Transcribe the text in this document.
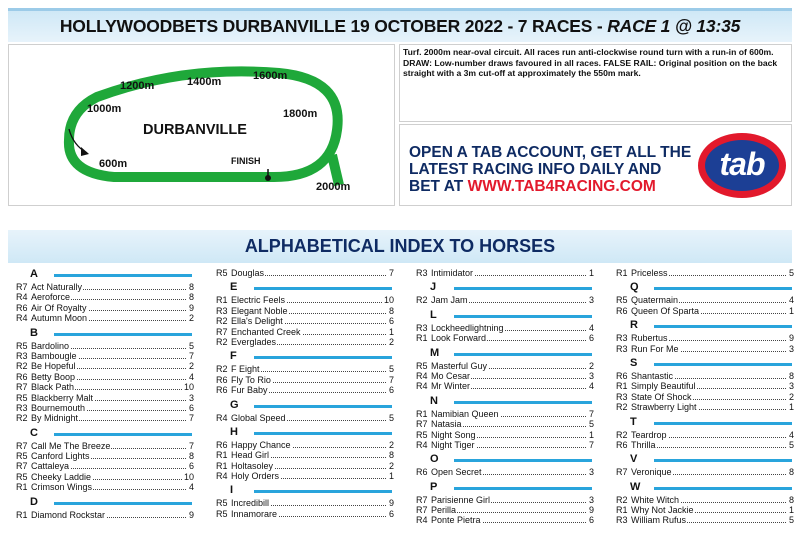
HOLLYWOODBETS DURBANVILLE 19 OCTOBER 2022 - 7 RACES - RACE 1 @ 13:35
1200m	1400m	1600m
1000m	1800m
600m
2000m
DURBANVILLE
FINISH
Turf. 2000m near-oval circuit. All races run anti-clockwise round turn with a run-in of 600m. DRAW: Low-number draws favoured in all races. FALSE RAIL: Original position on the back straight with a 3m cut-off at approximately the 550m mark.
OPEN A TAB ACCOUNT, GET ALL THE
LATEST RACING INFO DAILY AND
BET AT WWW.TAB4RACING.COM
tab
ALPHABETICAL INDEX TO HORSES
A
R7 Act Naturally	8
R4 Aeroforce	8
R6 Air Of Royalty	9
R4 Autumn Moon	2
B
R5 Bardolino	5
R3 Bambougle	7
R2 Be Hopeful	2
R6 Betty Boop	4
R7 Black Path	10
R5 Blackberry Malt	3
R3 Bournemouth	6
R2 By Midnight	7
C
R7 Call Me The Breeze	7
R5 Canford Lights	8
R7 Cattaleya	6
R5 Cheeky Laddie	10
R1 Crimson Wings	4
D
R1 Diamond Rockstar	9
R5 Douglas	7
E
R1 Electric Feels	10
R3 Elegant Noble	8
R2 Ella's Delight	6
R7 Enchanted Creek	1
R2 Everglades	2
F
R2 F Eight	5
R6 Fly To Rio	7
R6 Fur Baby	6
G
R4 Global Speed	5
H
R6 Happy Chance	2
R1 Head Girl	8
R1 Holtasoley	2
R4 Holy Orders	1
I
R5 Incredibill	9
R5 Innamorare	6
R3 Intimidator	1
J
R2 Jam Jam	3
L
R3 Lockheedlightning	4
R1 Look Forward	6
M
R5 Masterful Guy	2
R4 Mo Cesar	3
R4 Mr Winter	4
N
R1 Namibian Queen	7
R7 Natasia	5
R5 Night Song	1
R4 Night Tiger	7
O
R6 Open Secret	3
P
R7 Parisienne Girl	3
R7 Perilla	9
R4 Ponte Pietra	6
R1 Priceless	5
Q
R5 Quatermain	4
R6 Queen Of Sparta	1
R
R3 Rubertus	9
R3 Run For Me	3
S
R6 Shantastic	8
R1 Simply Beautiful	3
R3 State Of Shock	2
R2 Strawberry Light	1
T
R2 Teardrop	4
R6 Thrilla	5
V
R7 Veronique	8
W
R2 White Witch	8
R1 Why Not Jackie	1
R3 William Rufus	5
